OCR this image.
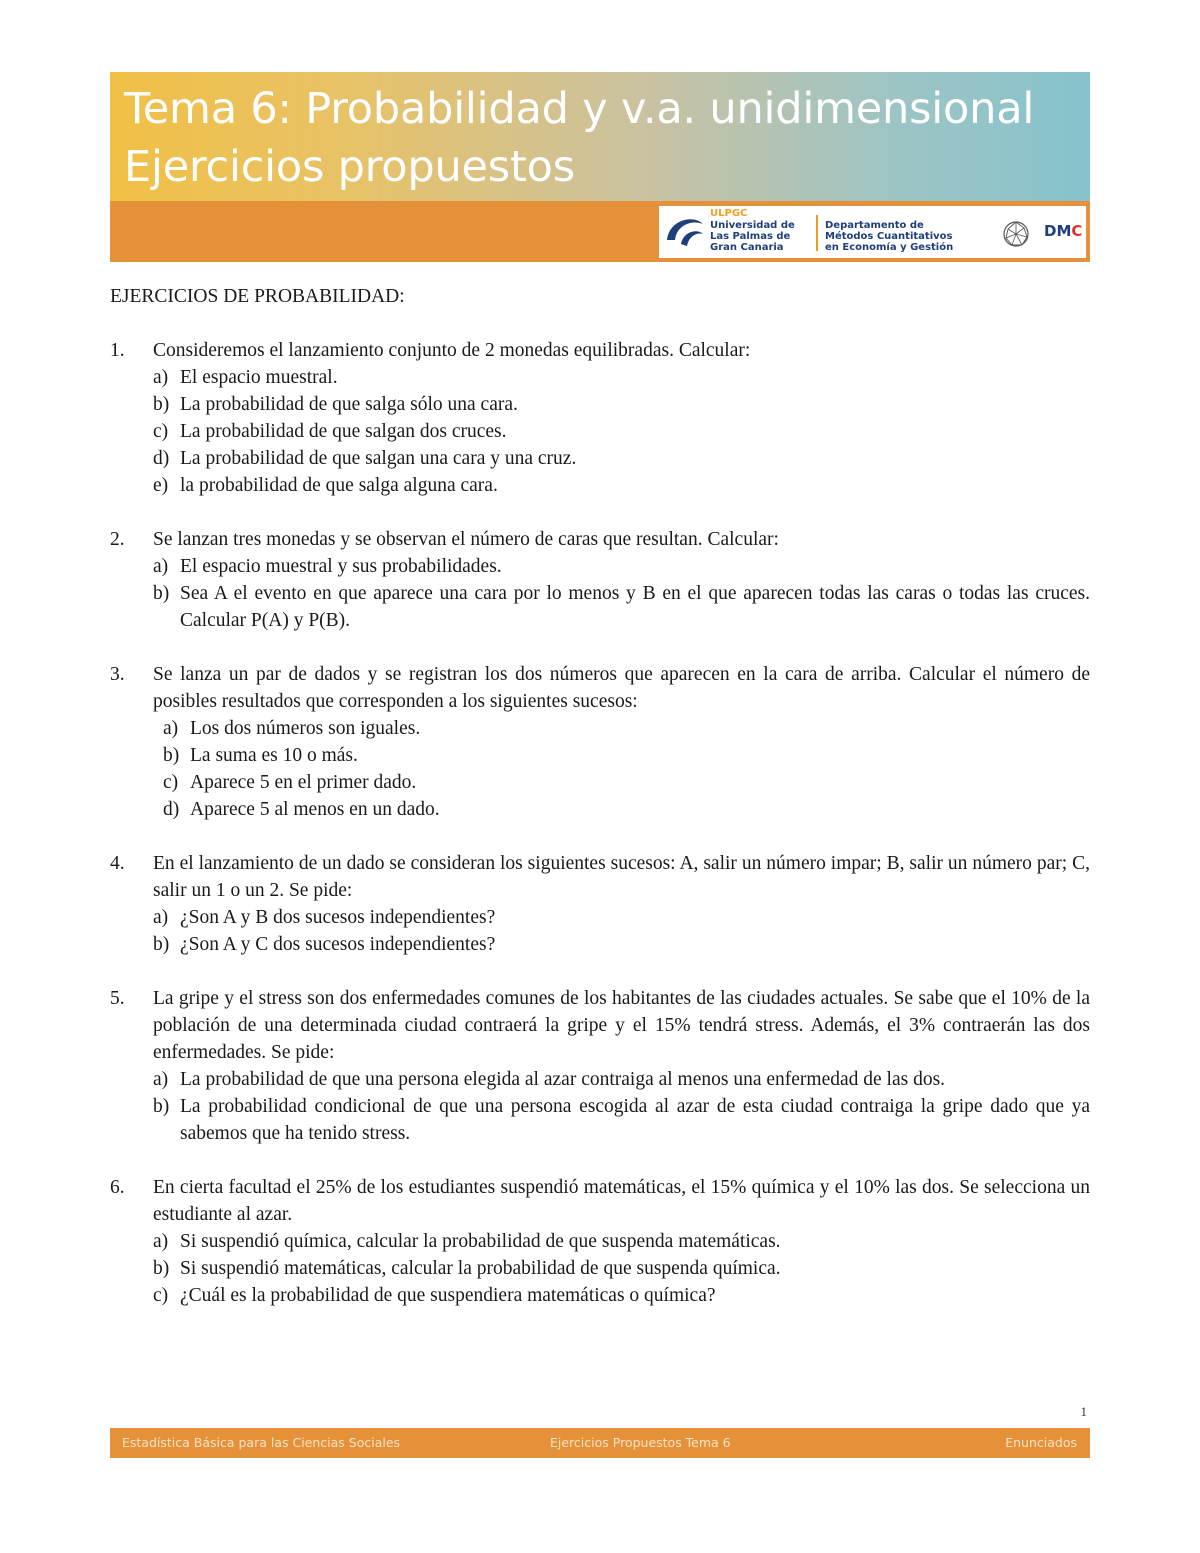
Tema 6: Probabilidad y v.a. unidimensional
Ejercicios propuestos
ULPGC
Universidad de
Las Palmas de
Gran Canaria
Departamento de
Métodos Cuantitativos
en Economía y Gestión
DMC
EJERCICIOS DE PROBABILIDAD:
1. Consideremos el lanzamiento conjunto de 2 monedas equilibradas. Calcular:
a) El espacio muestral.
b) La probabilidad de que salga sólo una cara.
c) La probabilidad de que salgan dos cruces.
d) La probabilidad de que salgan una cara y una cruz.
e) la probabilidad de que salga alguna cara.
2. Se lanzan tres monedas y se observan el número de caras que resultan. Calcular:
a) El espacio muestral y sus probabilidades.
b) Sea A el evento en que aparece una cara por lo menos y B en el que aparecen todas las caras o todas las cruces. Calcular P(A) y P(B).
3. Se lanza un par de dados y se registran los dos números que aparecen en la cara de arriba. Calcular el número de posibles resultados que corresponden a los siguientes sucesos:
a) Los dos números son iguales.
b) La suma es 10 o más.
c) Aparece 5 en el primer dado.
d) Aparece 5 al menos en un dado.
4. En el lanzamiento de un dado se consideran los siguientes sucesos: A, salir un número impar; B, salir un número par; C, salir un 1 o un 2. Se pide:
a) ¿Son A y B dos sucesos independientes?
b) ¿Son A y C dos sucesos independientes?
5. La gripe y el stress son dos enfermedades comunes de los habitantes de las ciudades actuales. Se sabe que el 10% de la población de una determinada ciudad contraerá la gripe y el 15% tendrá stress. Además, el 3% contraerán las dos enfermedades. Se pide:
a) La probabilidad de que una persona elegida al azar contraiga al menos una enfermedad de las dos.
b) La probabilidad condicional de que una persona escogida al azar de esta ciudad contraiga la gripe dado que ya sabemos que ha tenido stress.
6. En cierta facultad el 25% de los estudiantes suspendió matemáticas, el 15% química y el 10% las dos. Se selecciona un estudiante al azar.
a) Si suspendió química, calcular la probabilidad de que suspenda matemáticas.
b) Si suspendió matemáticas, calcular la probabilidad de que suspenda química.
c) ¿Cuál es la probabilidad de que suspendiera matemáticas o química?
1
Estadística Básica para las Ciencias Sociales	Ejercicios Propuestos Tema 6	Enunciados
